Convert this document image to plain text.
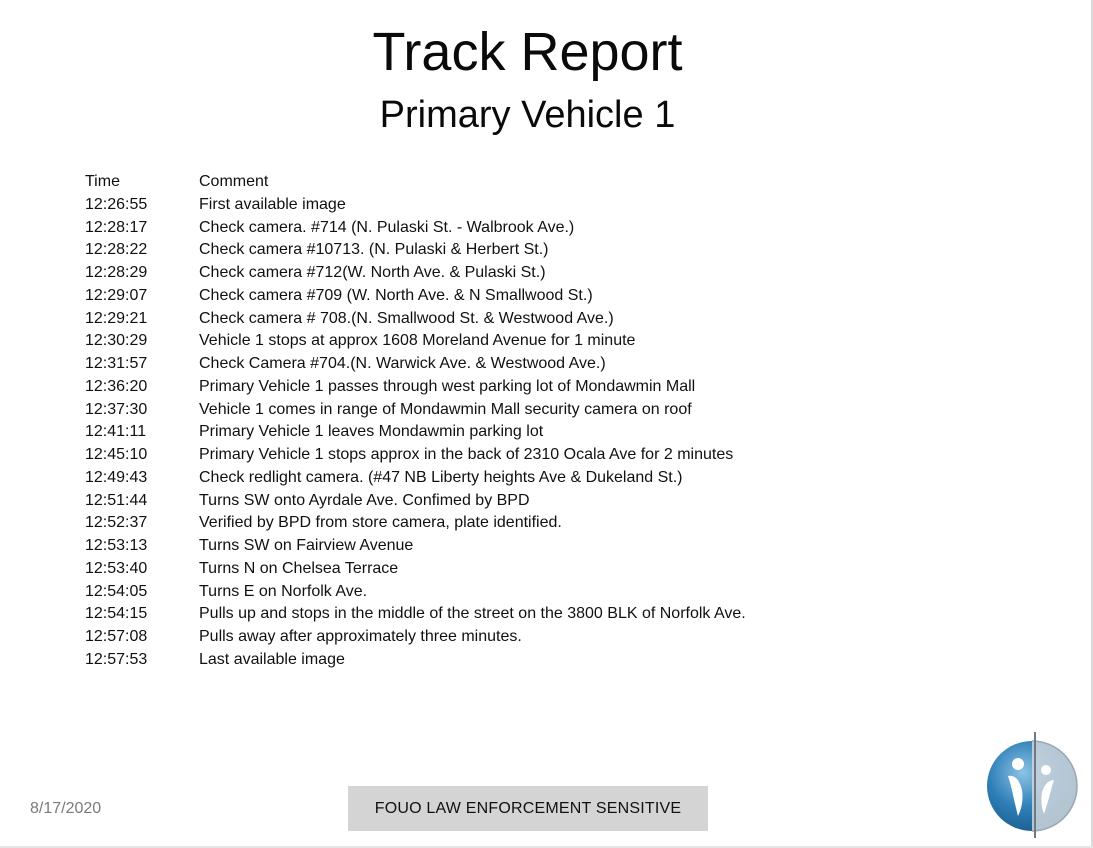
Track Report
Primary Vehicle 1
Time	Comment
12:26:55	First available image
12:28:17	Check camera. #714 (N. Pulaski St. - Walbrook Ave.)
12:28:22	Check camera #10713. (N. Pulaski & Herbert St.)
12:28:29	Check camera #712(W. North Ave. & Pulaski St.)
12:29:07	Check camera #709 (W. North Ave. & N Smallwood St.)
12:29:21	Check camera # 708.(N. Smallwood St. & Westwood Ave.)
12:30:29	Vehicle 1 stops at approx 1608 Moreland Avenue for 1 minute
12:31:57	Check Camera #704.(N. Warwick Ave. & Westwood Ave.)
12:36:20	Primary Vehicle 1 passes through west parking lot of Mondawmin Mall
12:37:30	Vehicle 1 comes in range of Mondawmin Mall security camera on roof
12:41:11	Primary Vehicle 1 leaves Mondawmin parking lot
12:45:10	Primary Vehicle 1 stops approx in the back of 2310 Ocala Ave for 2 minutes
12:49:43	Check redlight camera. (#47 NB Liberty heights Ave & Dukeland St.)
12:51:44	Turns SW onto Ayrdale Ave. Confimed by BPD
12:52:37	Verified by BPD from store camera, plate identified.
12:53:13	Turns SW on Fairview Avenue
12:53:40	Turns N on Chelsea Terrace
12:54:05	Turns E on Norfolk Ave.
12:54:15	Pulls up and stops in the middle of the street on the 3800 BLK of Norfolk Ave.
12:57:08	Pulls away after approximately three minutes.
12:57:53	Last available image
8/17/2020	FOUO LAW ENFORCEMENT SENSITIVE
